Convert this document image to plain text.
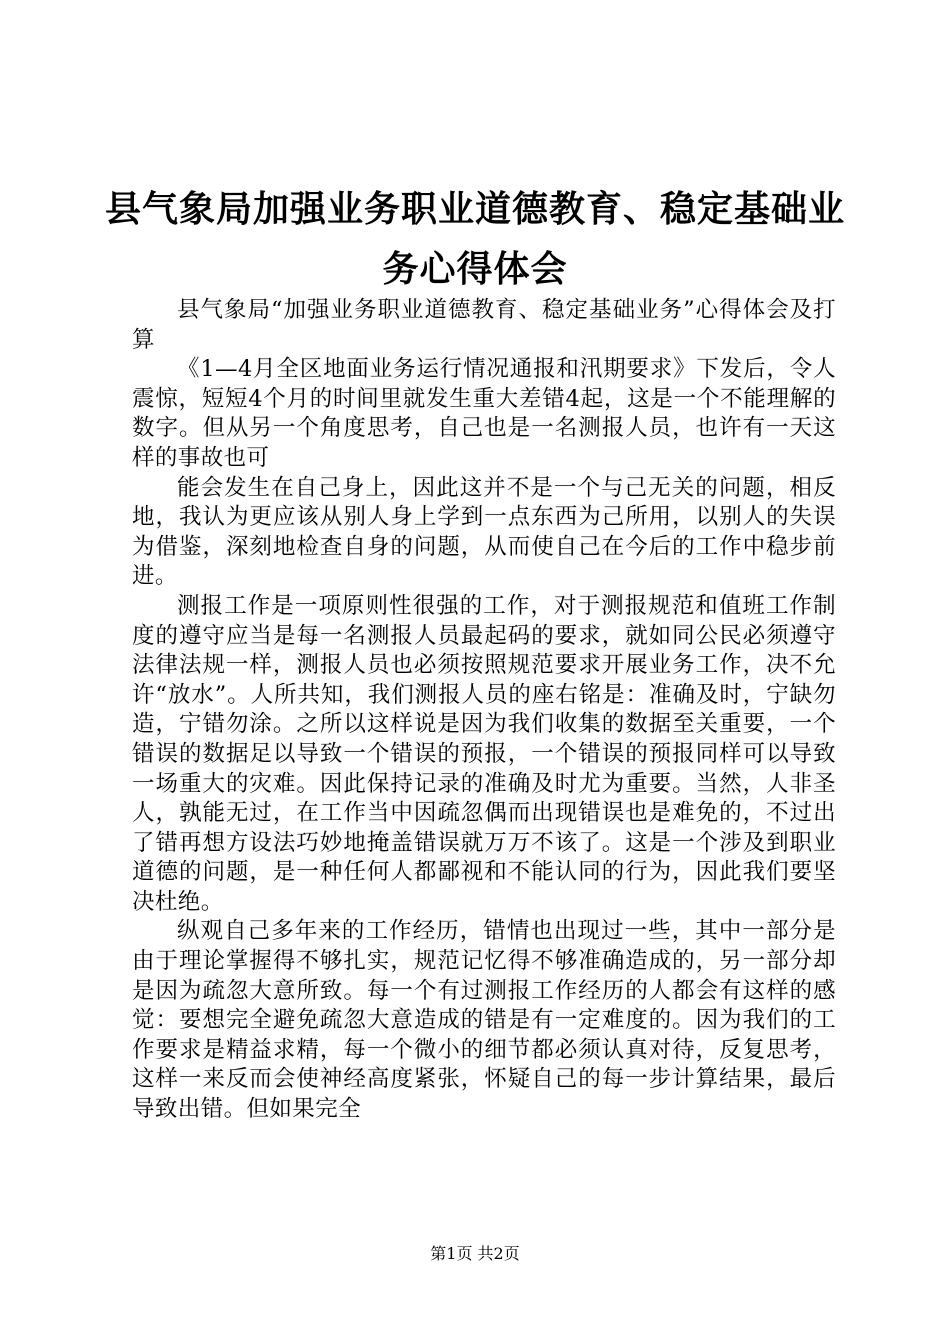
县气象局加强业务职业道德教育、稳定基础业务心得体会

县气象局“加强业务职业道德教育、稳定基础业务”心得体会及打算

《1—4月全区地面业务运行情况通报和汛期要求》下发后，令人震惊，短短4个月的时间里就发生重大差错4起，这是一个不能理解的数字。但从另一个角度思考，自己也是一名测报人员，也许有一天这样的事故也可

能会发生在自己身上，因此这并不是一个与己无关的问题，相反地，我认为更应该从别人身上学到一点东西为己所用，以别人的失误为借鉴，深刻地检查自身的问题，从而使自己在今后的工作中稳步前进。

测报工作是一项原则性很强的工作，对于测报规范和值班工作制度的遵守应当是每一名测报人员最起码的要求，就如同公民必须遵守法律法规一样，测报人员也必须按照规范要求开展业务工作，决不允许“放水”。人所共知，我们测报人员的座右铭是：准确及时，宁缺勿造，宁错勿涂。之所以这样说是因为我们收集的数据至关重要，一个错误的数据足以导致一个错误的预报，一个错误的预报同样可以导致一场重大的灾难。因此保持记录的准确及时尤为重要。当然，人非圣人，孰能无过，在工作当中因疏忽偶而出现错误也是难免的，不过出了错再想方设法巧妙地掩盖错误就万万不该了。这是一个涉及到职业道德的问题，是一种任何人都鄙视和不能认同的行为，因此我们要坚决杜绝。

纵观自己多年来的工作经历，错情也出现过一些，其中一部分是由于理论掌握得不够扎实，规范记忆得不够准确造成的，另一部分却是因为疏忽大意所致。每一个有过测报工作经历的人都会有这样的感觉：要想完全避免疏忽大意造成的错是有一定难度的。因为我们的工作要求是精益求精，每一个微小的细节都必须认真对待，反复思考，这样一来反而会使神经高度紧张，怀疑自己的每一步计算结果，最后导致出错。但如果完全

第1页 共2页
